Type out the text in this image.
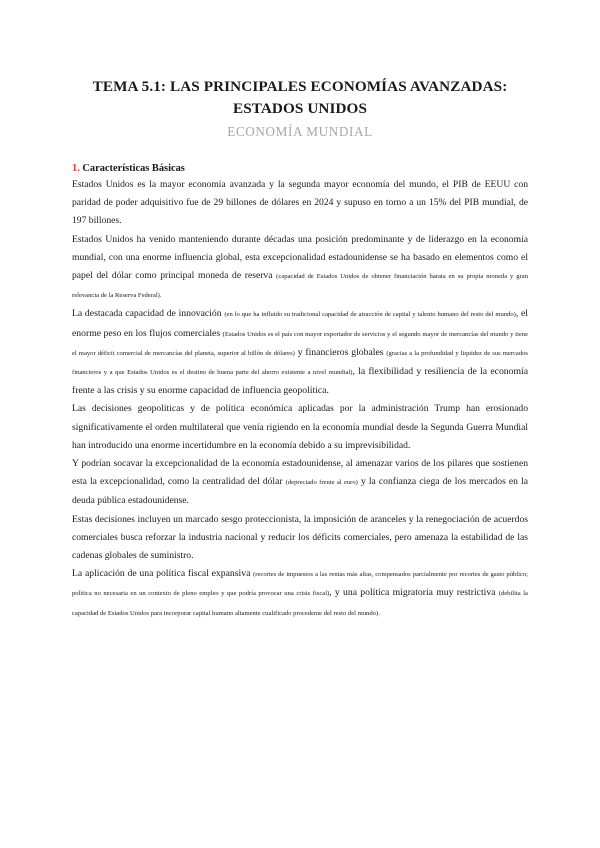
TEMA 5.1: LAS PRINCIPALES ECONOMÍAS AVANZADAS:
ESTADOS UNIDOS
ECONOMÍA MUNDIAL
1. Características Básicas

Estados Unidos es la mayor economía avanzada y la segunda mayor economía del mundo, el PIB de EEUU con paridad de poder adquisitivo fue de 29 billones de dólares en 2024 y supuso en torno a un 15% del PIB mundial, de 197 billones.

Estados Unidos ha venido manteniendo durante décadas una posición predominante y de liderazgo en la economía mundial, con una enorme influencia global, esta excepcionalidad estadounidense se ha basado en elementos como el papel del dólar como principal moneda de reserva (capacidad de Estados Unidos de obtener financiación barata en su propia moneda y gran relevancia de la Reserva Federal).

La destacada capacidad de innovación (en lo que ha influido su tradicional capacidad de atracción de capital y talento humano del resto del mundo), el enorme peso en los flujos comerciales (Estados Unidos es el país con mayor exportador de servicios y el segundo mayor de mercancías del mundo y tiene el mayor déficit comercial de mercancías del planeta, superior al billón de dólares) y financieros globales (gracias a la profundidad y liquidez de sus mercados financieros y a que Estados Unidos es el destino de buena parte del ahorro existente a nivel mundial), la flexibilidad y resiliencia de la economía frente a las crisis y su enorme capacidad de influencia geopolítica.

Las decisiones geopolíticas y de política económica aplicadas por la administración Trump han erosionado significativamente el orden multilateral que venía rigiendo en la economía mundial desde la Segunda Guerra Mundial han introducido una enorme incertidumbre en la economía debido a su imprevisibilidad.

Y podrían socavar la excepcionalidad de la economía estadounidense, al amenazar varios de los pilares que sostienen esta la excepcionalidad, como la centralidad del dólar (depreciado frente al euro) y la confianza ciega de los mercados en la deuda pública estadounidense.

Estas decisiones incluyen un marcado sesgo proteccionista, la imposición de aranceles y la renegociación de acuerdos comerciales busca reforzar la industria nacional y reducir los déficits comerciales, pero amenaza la estabilidad de las cadenas globales de suministro.

La aplicación de una política fiscal expansiva (recortes de impuestos a las rentas más altas, compensados parcialmente por recortes de gasto público; política no necesaria en un contexto de pleno empleo y que podría provocar una crisis fiscal), y una política migratoria muy restrictiva (debilita la capacidad de Estados Unidos para incorporar capital humano altamente cualificado procedente del resto del mundo).
